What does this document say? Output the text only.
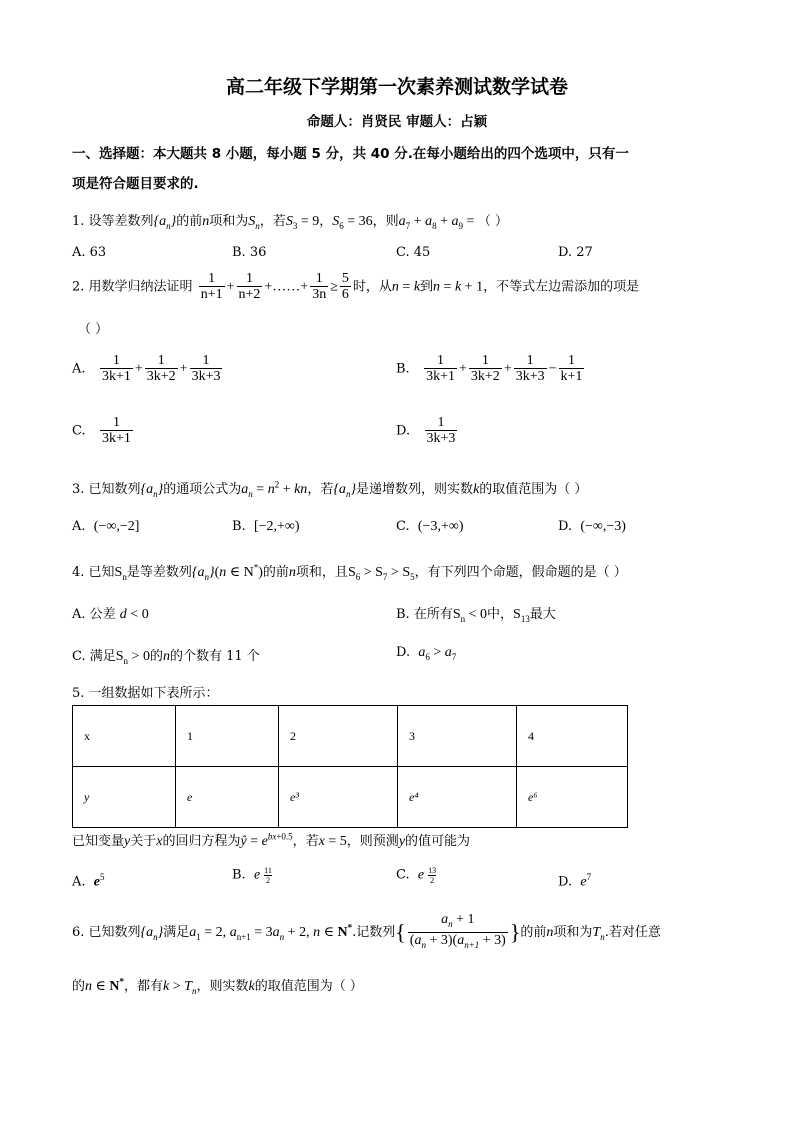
高二年级下学期第一次素养测试数学试卷
命题人：肖贤民 审题人：占颖
一、选择题：本大题共 8 小题，每小题 5 分，共 40 分.在每小题给出的四个选项中，只有一
项是符合题目要求的.
1. 设等差数列$\{a_n\}$的前n项和为$S_n$，若$S_3 = 9$，$S_6 = 36$，则$a_7 + a_8 + a_9$ = （ ）
A. 63	B. 36	C. 45	D. 27
2. 用数学归纳法证明 $\frac{1}{n+1} + \frac{1}{n+2}$ +……+ $\frac{1}{3n} \ge \frac{5}{6}$ 时，从n = k到n = k + 1，不等式左边需添加的项是
（ ）
A. $\frac{1}{3k+1} + \frac{1}{3k+2} + \frac{1}{3k+3}$	B. $\frac{1}{3k+1} + \frac{1}{3k+2} + \frac{1}{3k+3} - \frac{1}{k+1}$
C. $\frac{1}{3k+1}$	D. $\frac{1}{3k+3}$
3. 已知数列$\{a_n\}$的通项公式为$a_n = n^2$ + kn，若$\{a_n\}$是递增数列，则实数k的取值范围为（ ）
A. (−∞,−2]	B. [−2,+∞)	C. (−3,+∞)	D. (−∞,−3)
4. 已知$S_n$是等差数列$\{a_n\}(n$ ∈ N*)的前n项和，且$S_6 > S_7 > S_5$，有下列四个命题，假命题的是（ ）
A. 公差 d < 0	B. 在所有$S_n < 0$中，$S_{13}$最大
C. 满足$S_n > 0$的n的个数有 11 个	D. $a_6 > a_7$
5. 一组数据如下表所示：
x	1	2	3	4
y	e	e³	e⁴	e⁶
已知变量y关于x的回归方程为ŷ = $e^{bx+0.5}$，若x = 5，则预测y的值可能为
A. $e^5$	B. e $\frac{11}{2}$	C. e $\frac{13}{2}$	D. $e^7$
6. 已知数列$\{a_n\}$满足$a_1 = 2$, $a_{n+1} = 3a_n + 2$, n ∈ N*.记数列{ $\frac{a_n + 1}{(a_n + 3)(a_{n+1} + 3)}$ }的前n项和为$T_n$.若对任意
的n ∈ N*，都有$k > T_n$，则实数k的取值范围为（ ）
